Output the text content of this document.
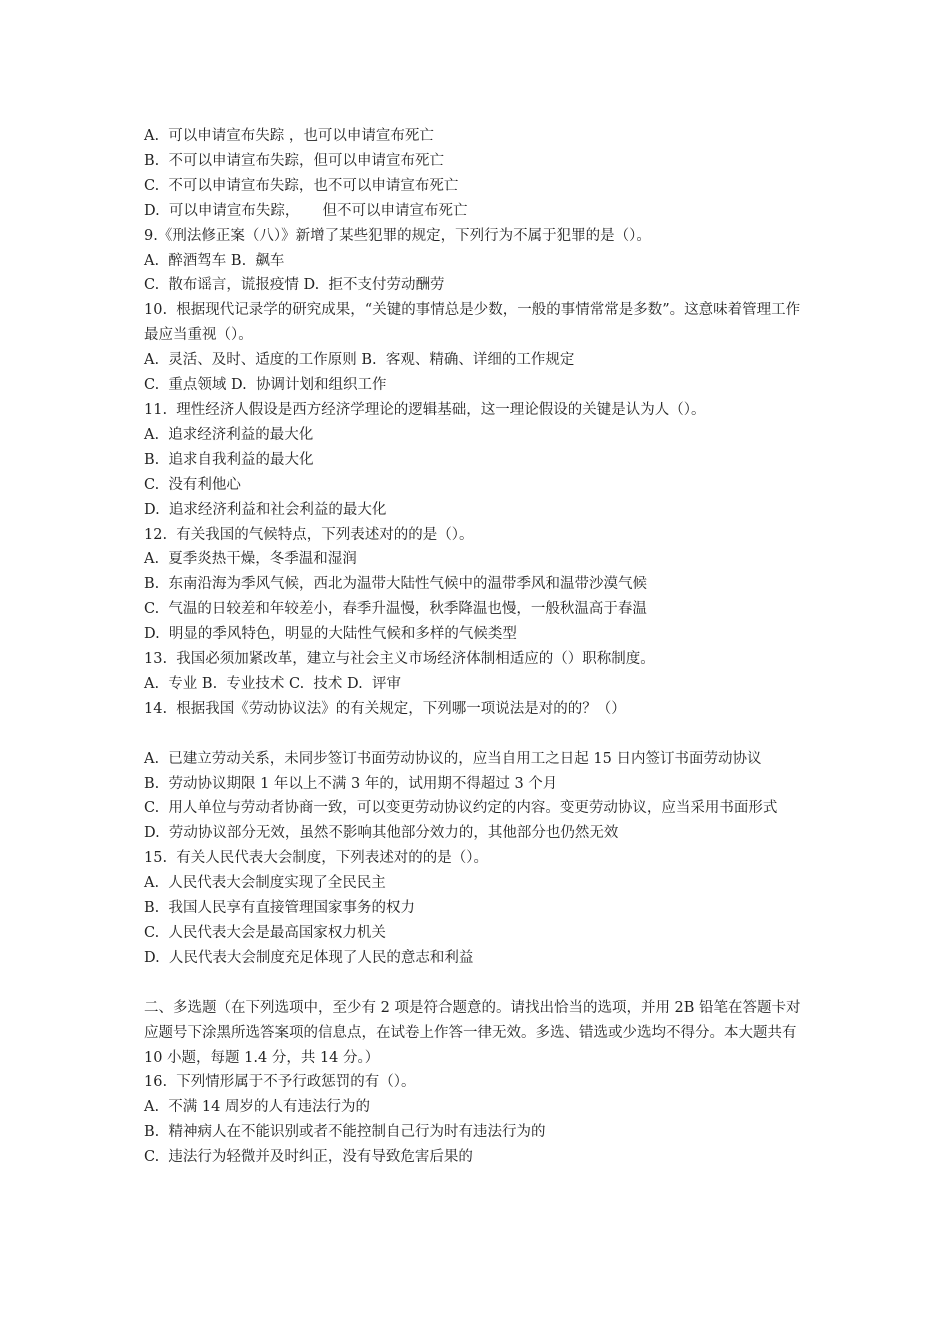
A.  可以申请宣布失踪 ，也可以申请宣布死亡

B.  不可以申请宣布失踪，但可以申请宣布死亡

C.  不可以申请宣布失踪，也不可以申请宣布死亡

D.  可以申请宣布失踪，     但不可以申请宣布死亡

9.《刑法修正案（八）》新增了某些犯罪的规定，下列行为不属于犯罪的是（）。

A.  醉酒驾车 B.  飙车

C.  散布谣言，谎报疫情 D.  拒不支付劳动酬劳

10.  根据现代记录学的研究成果，“关键的事情总是少数，一般的事情常常是多数”。这意味着管理工作最应当重视（）。

A.  灵活、及时、适度的工作原则 B.  客观、精确、详细的工作规定

C.  重点领域 D.  协调计划和组织工作

11.  理性经济人假设是西方经济学理论的逻辑基础，这一理论假设的关键是认为人（）。

A.  追求经济利益的最大化

B.  追求自我利益的最大化

C.  没有利他心

D.  追求经济利益和社会利益的最大化

12.  有关我国的气候特点，下列表述对的的是（）。

A.  夏季炎热干燥，冬季温和湿润

B.  东南沿海为季风气候，西北为温带大陆性气候中的温带季风和温带沙漠气候

C.  气温的日较差和年较差小，春季升温慢，秋季降温也慢，一般秋温高于春温

D.  明显的季风特色，明显的大陆性气候和多样的气候类型

13.  我国必须加紧改革，建立与社会主义市场经济体制相适应的（）职称制度。

A.  专业 B.  专业技术 C.  技术 D.  评审

14.  根据我国《劳动协议法》的有关规定，下列哪一项说法是对的的？（）

A.  已建立劳动关系，未同步签订书面劳动协议的，应当自用工之日起 15 日内签订书面劳动协议

B.  劳动协议期限 1 年以上不满 3 年的，试用期不得超过 3 个月

C.  用人单位与劳动者协商一致，可以变更劳动协议约定的内容。变更劳动协议，应当采用书面形式

D.  劳动协议部分无效，虽然不影响其他部分效力的，其他部分也仍然无效

15.  有关人民代表大会制度，下列表述对的的是（）。

A.  人民代表大会制度实现了全民民主

B.  我国人民享有直接管理国家事务的权力

C.  人民代表大会是最高国家权力机关

D.  人民代表大会制度充足体现了人民的意志和利益

二、多选题（在下列选项中，至少有 2 项是符合题意的。请找出恰当的选项，并用 2B 铅笔在答题卡对应题号下涂黑所选答案项的信息点，在试卷上作答一律无效。多选、错选或少选均不得分。本大题共有 10 小题，每题 1.4 分，共 14 分。）

16.  下列情形属于不予行政惩罚的有（）。

A.  不满 14 周岁的人有违法行为的

B.  精神病人在不能识别或者不能控制自己行为时有违法行为的

C.  违法行为轻微并及时纠正，没有导致危害后果的
